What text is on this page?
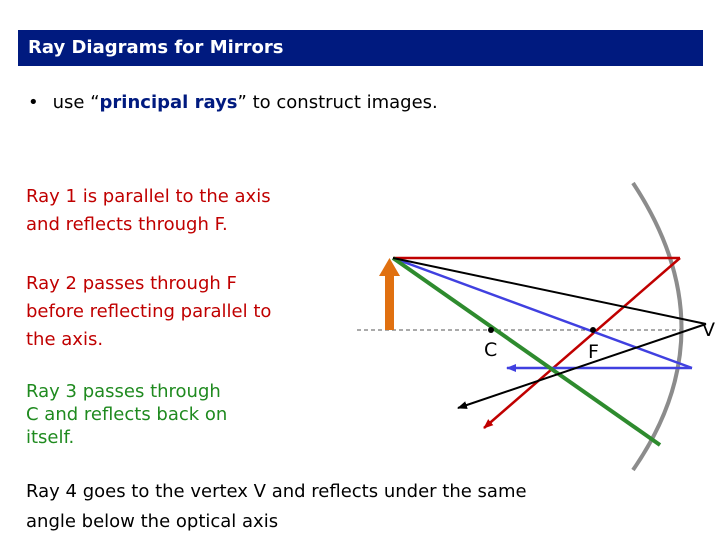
Ray Diagrams for Mirrors
• use “principal rays” to construct images.
Ray 1 is parallel to the axis
and reflects through F.
Ray 2 passes through F
before reflecting parallel to
the axis.
Ray 3 passes through
C and reflects back on
itself.
Ray 4 goes to the vertex V and reflects under the same
angle below the optical axis
C	F
V
